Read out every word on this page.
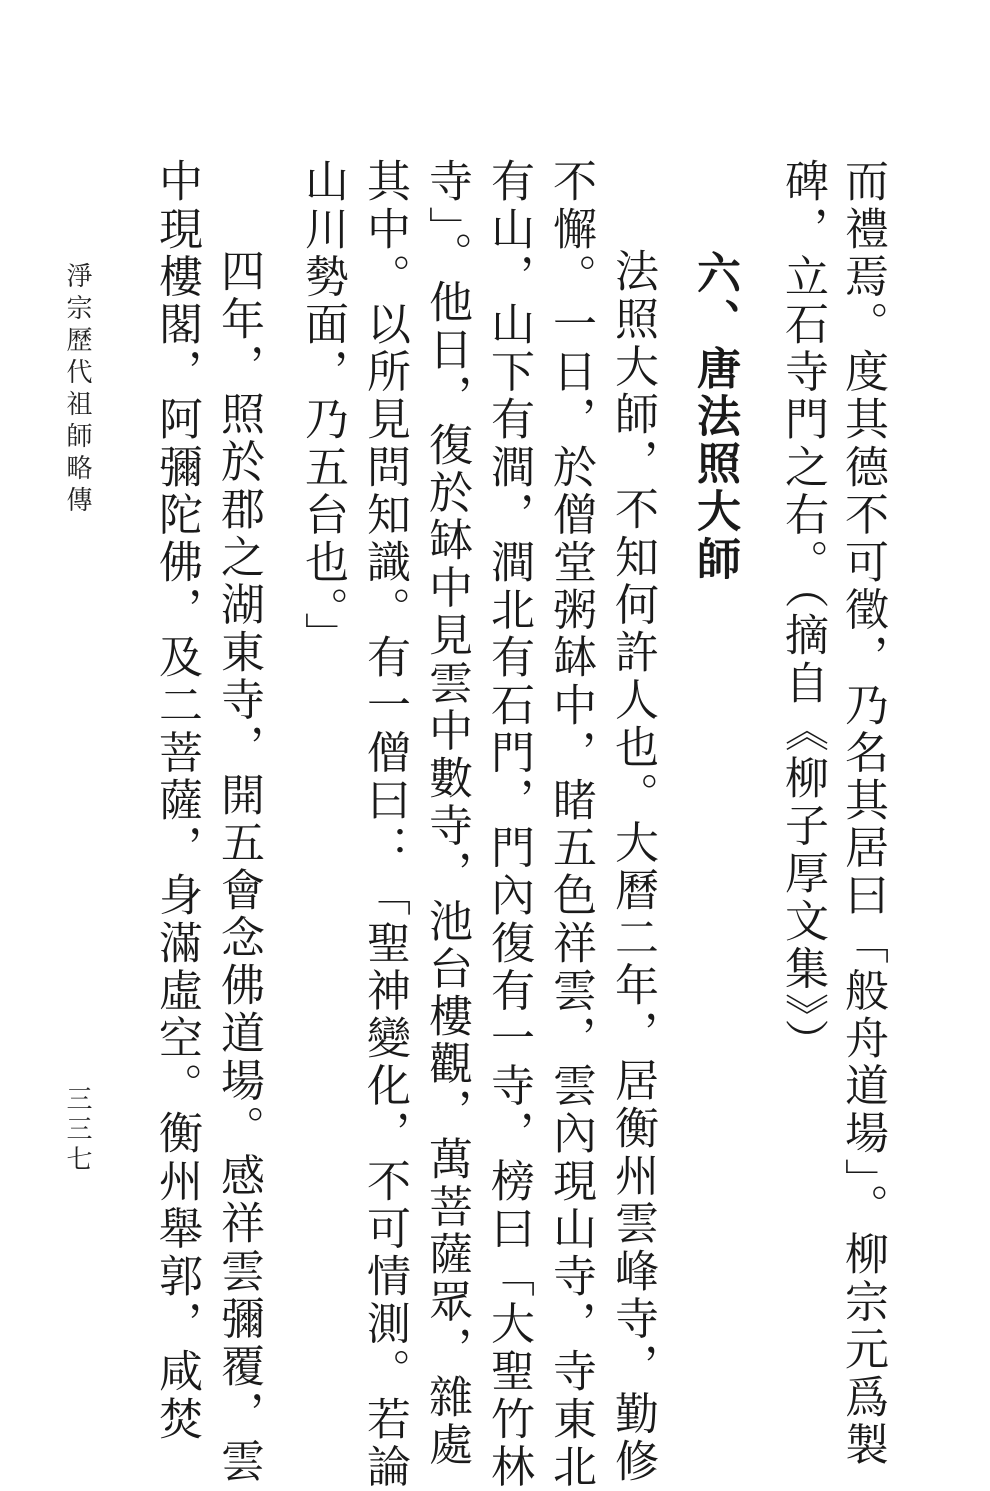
而禮焉。度其德不可徵，乃名其居曰「般舟道場」。柳宗元爲製
碑，立石寺門之右。（摘自《柳子厚文集》）
六、唐法照大師
法照大師，不知何許人也。大曆二年，居衡州雲峰寺，勤修
不懈。一日，於僧堂粥缽中，睹五色祥雲，雲內現山寺，寺東北
有山，山下有澗，澗北有石門，門內復有一寺，榜曰「大聖竹林
寺」。他日，復於缽中見雲中數寺，池台樓觀，萬菩薩眾，雜處
其中。以所見問知識。有一僧曰：「聖神變化，不可情測。若論
山川勢面，乃五台也。」
四年，照於郡之湖東寺，開五會念佛道場。感祥雲彌覆，雲
中現樓閣，阿彌陀佛，及二菩薩，身滿虛空。衡州舉郭，咸焚
淨宗歷代祖師略傳
三三七
